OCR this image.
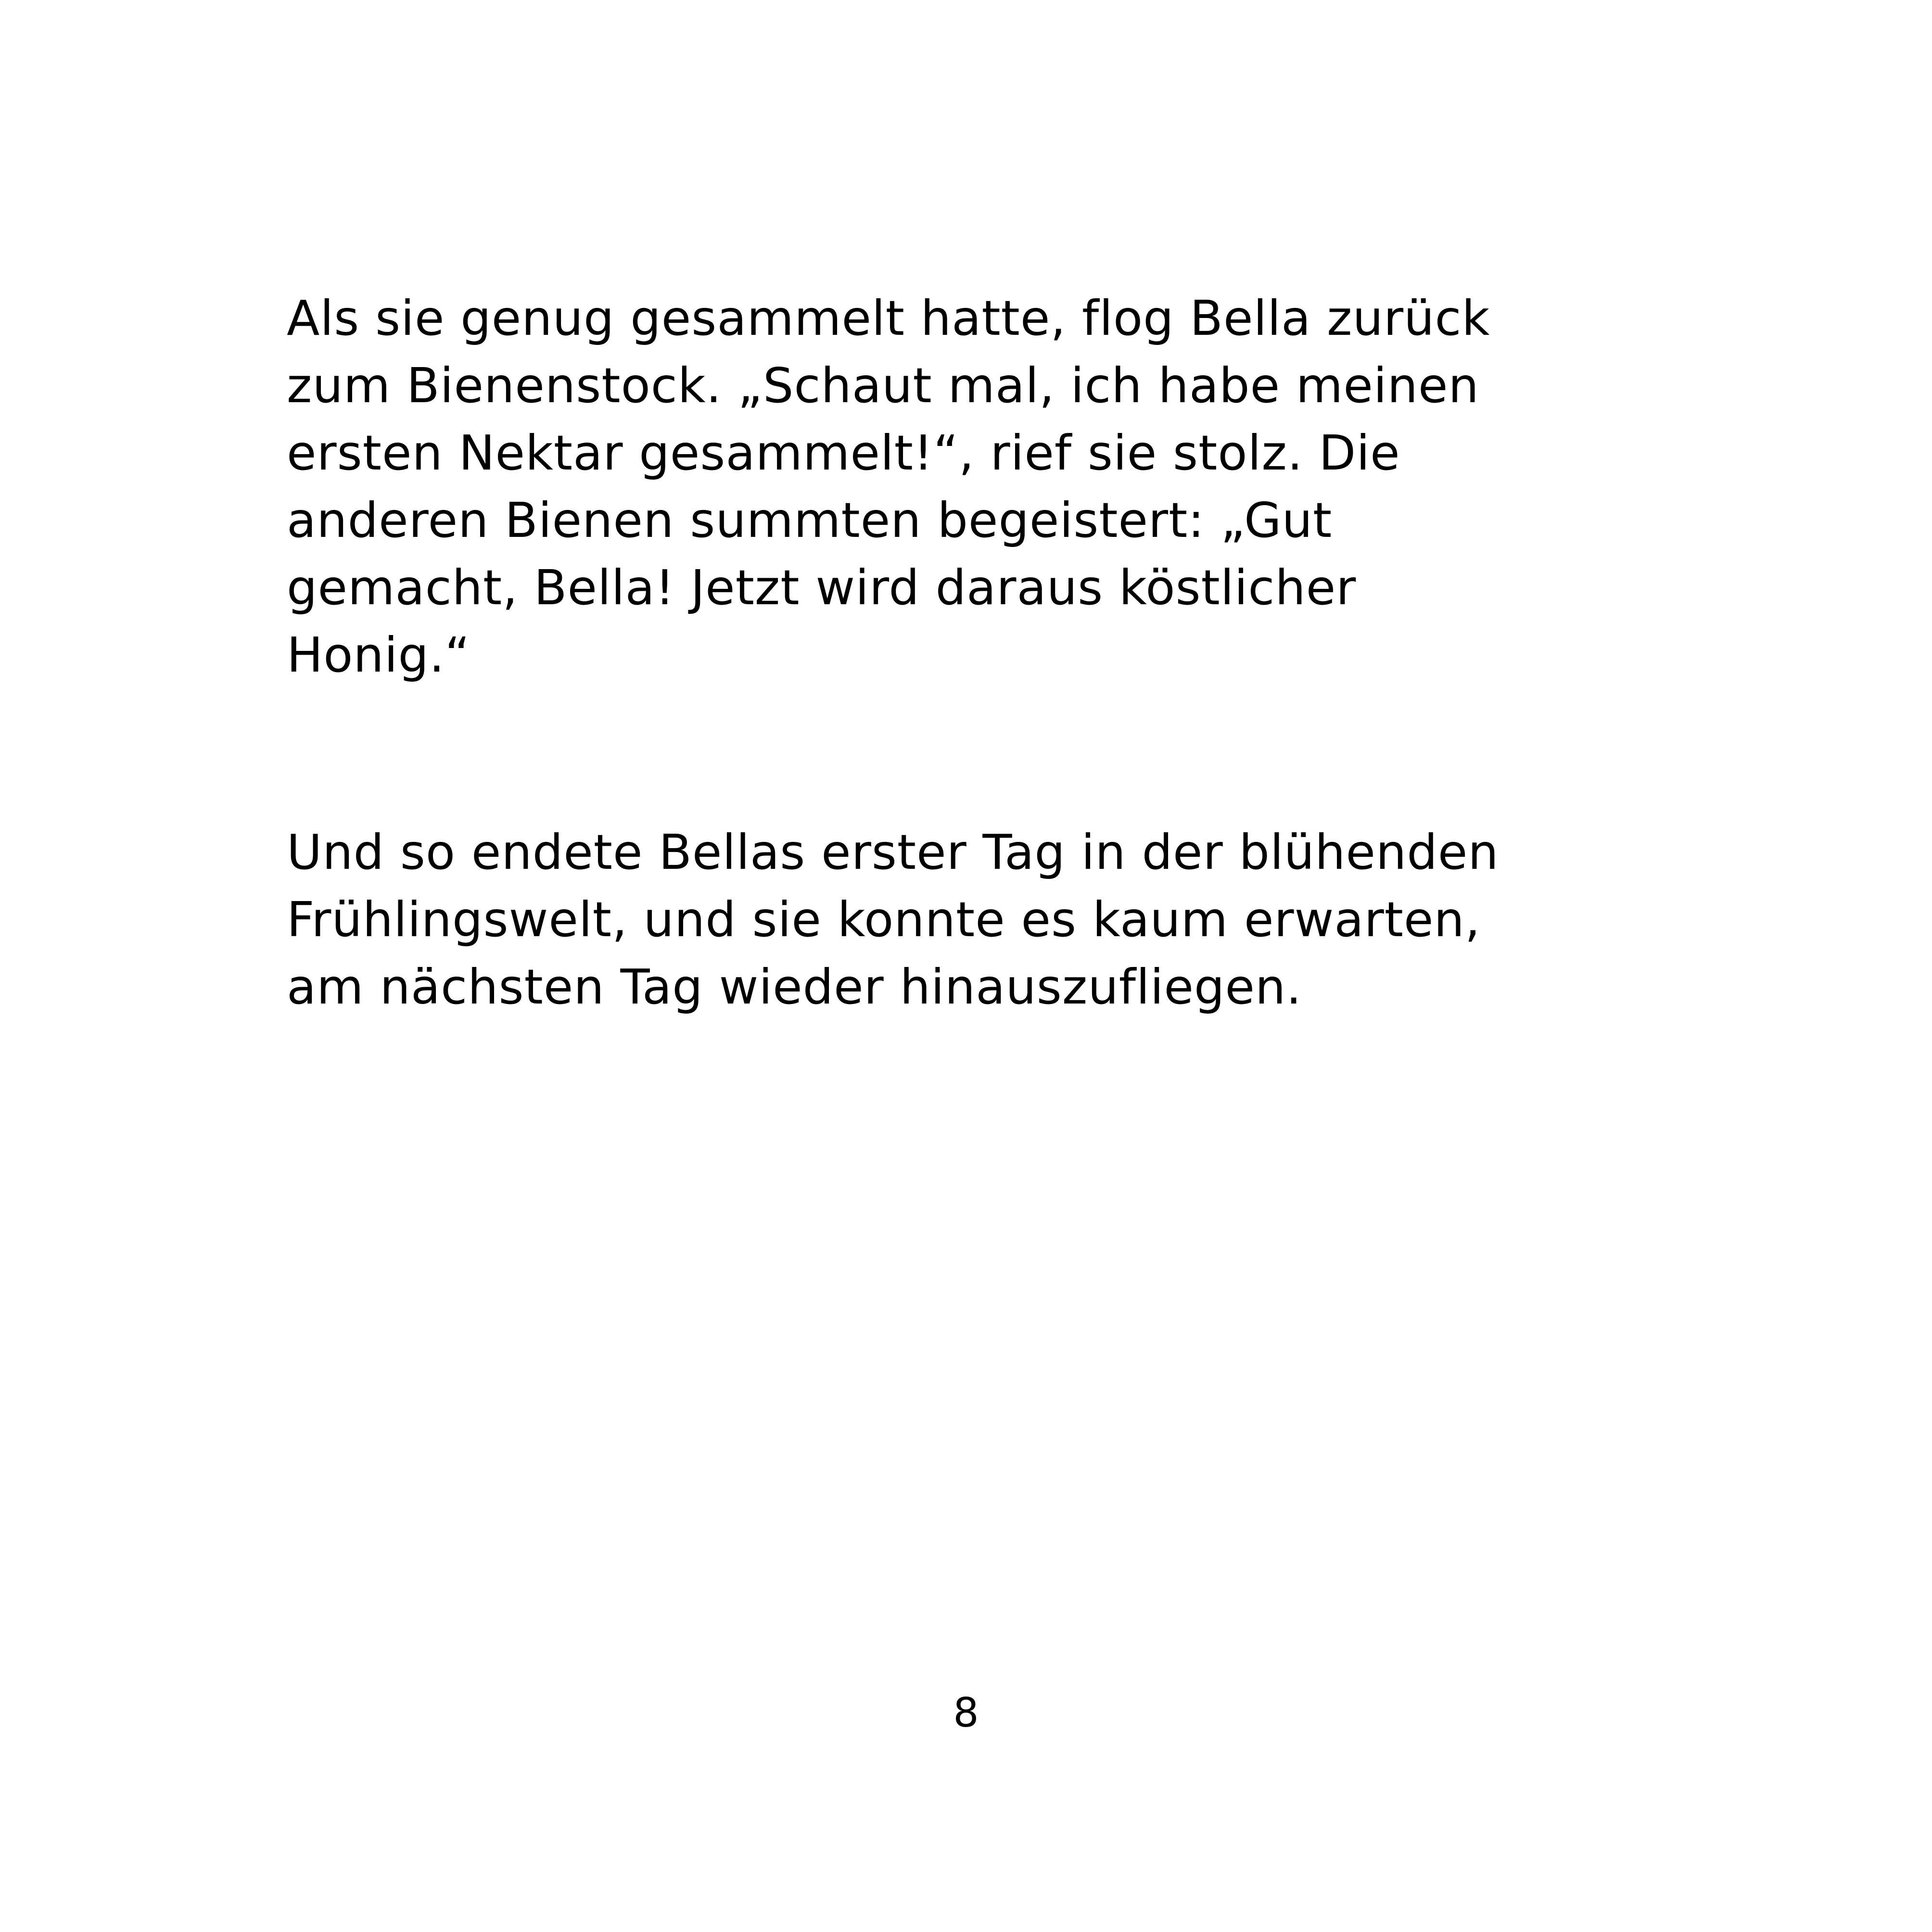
Als sie genug gesammelt hatte, flog Bella zurück
zum Bienenstock. „Schaut mal, ich habe meinen
ersten Nektar gesammelt!“, rief sie stolz. Die
anderen Bienen summten begeistert: „Gut
gemacht, Bella! Jetzt wird daraus köstlicher
Honig.“

Und so endete Bellas erster Tag in der blühenden
Frühlingswelt, und sie konnte es kaum erwarten,
am nächsten Tag wieder hinauszufliegen.

8
